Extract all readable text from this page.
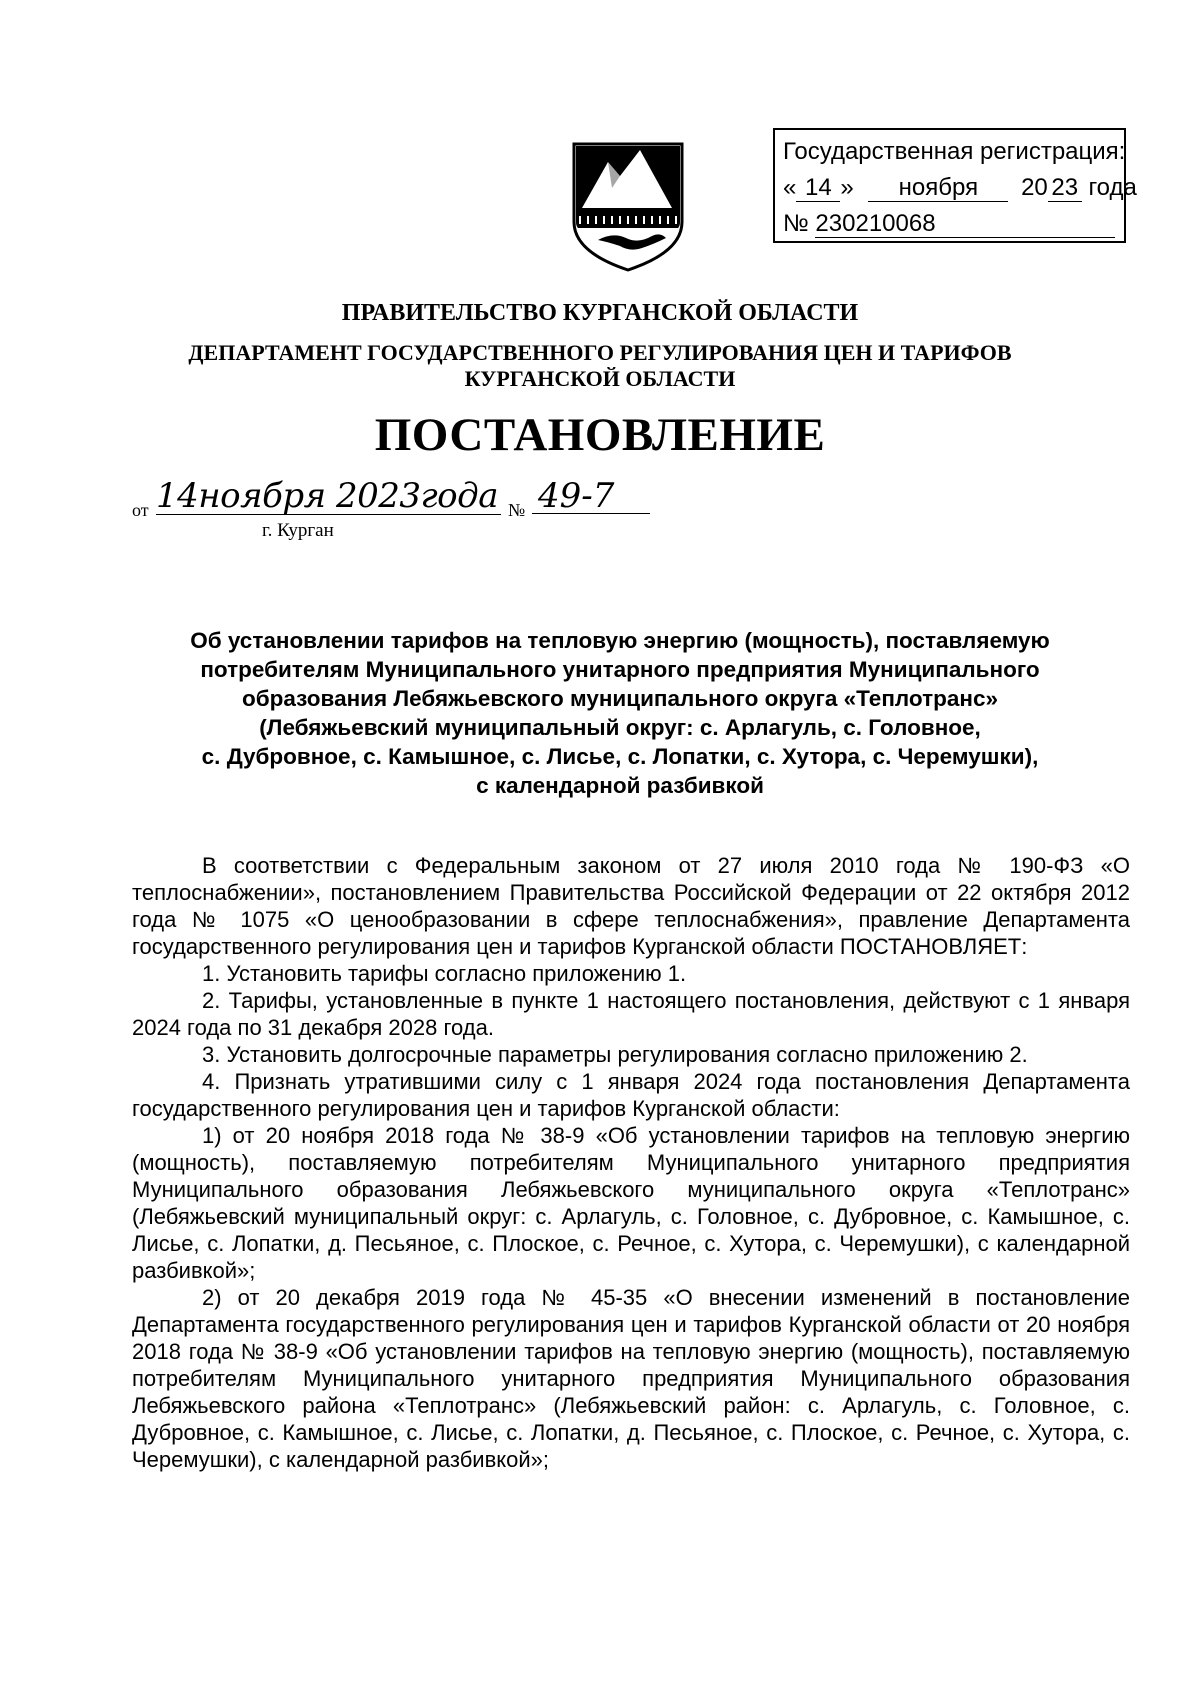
Государственная регистрация:
« 14 » ноября 20 23 года
№ 230210068
ПРАВИТЕЛЬСТВО КУРГАНСКОЙ ОБЛАСТИ
ДЕПАРТАМЕНТ ГОСУДАРСТВЕННОГО РЕГУЛИРОВАНИЯ ЦЕН И ТАРИФОВ
КУРГАНСКОЙ ОБЛАСТИ
ПОСТАНОВЛЕНИЕ
от 14ноября 2023года № 49-7
г. Курган
Об установлении тарифов на тепловую энергию (мощность), поставляемую
потребителям Муниципального унитарного предприятия Муниципального
образования Лебяжьевского муниципального округа «Теплотранс»
(Лебяжьевский муниципальный округ: с. Арлагуль, с. Головное,
с. Дубровное, с. Камышное, с. Лисье, с. Лопатки, с. Хутора, с. Черемушки),
с календарной разбивкой

В соответствии с Федеральным законом от 27 июля 2010 года № 190-ФЗ «О теплоснабжении», постановлением Правительства Российской Федерации от 22 октября 2012 года № 1075 «О ценообразовании в сфере теплоснабжения», правление Департамента государственного регулирования цен и тарифов Курганской области ПОСТАНОВЛЯЕТ:

1. Установить тарифы согласно приложению 1.

2. Тарифы, установленные в пункте 1 настоящего постановления, действуют с 1 января 2024 года по 31 декабря 2028 года.

3. Установить долгосрочные параметры регулирования согласно приложению 2.

4. Признать утратившими силу с 1 января 2024 года постановления Департамента государственного регулирования цен и тарифов Курганской области:

1) от 20 ноября 2018 года № 38-9 «Об установлении тарифов на тепловую энергию (мощность), поставляемую потребителям Муниципального унитарного предприятия Муниципального образования Лебяжьевского муниципального округа «Теплотранс» (Лебяжьевский муниципальный округ: с. Арлагуль, с. Головное, с. Дубровное, с. Камышное, с. Лисье, с. Лопатки, д. Песьяное, с. Плоское, с. Речное, с. Хутора, с. Черемушки), с календарной разбивкой»;

2) от 20 декабря 2019 года № 45-35 «О внесении изменений в постановление Департамента государственного регулирования цен и тарифов Курганской области от 20 ноября 2018 года № 38-9 «Об установлении тарифов на тепловую энергию (мощность), поставляемую потребителям Муниципального унитарного предприятия Муниципального образования Лебяжьевского района «Теплотранс» (Лебяжьевский район: с. Арлагуль, с. Головное, с. Дубровное, с. Камышное, с. Лисье, с. Лопатки, д. Песьяное, с. Плоское, с. Речное, с. Хутора, с. Черемушки), с календарной разбивкой»;
